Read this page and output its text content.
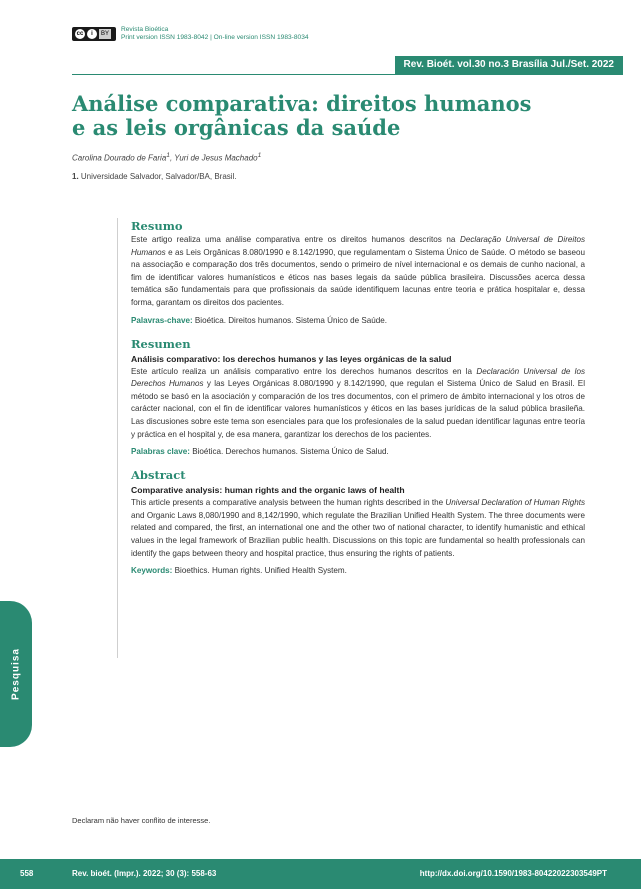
cc	i	BY
Revista Bioética
Print version ISSN 1983-8042 | On-line version ISSN 1983-8034
Rev. Bioét. vol.30 no.3 Brasília Jul./Set. 2022
Análise comparativa: direitos humanos e as leis orgânicas da saúde
Carolina Dourado de Faria$^1$, Yuri de Jesus Machado$^1$
1. Universidade Salvador, Salvador/BA, Brasil.
Resumo

Este artigo realiza uma análise comparativa entre os direitos humanos descritos na Declaração Universal de Direitos Humanos e as Leis Orgânicas 8.080/1990 e 8.142/1990, que regulamentam o Sistema Único de Saúde. O método se baseou na associação e comparação dos três documentos, sendo o primeiro de nível internacional e os demais de cunho nacional, a fim de identificar valores humanísticos e éticos nas bases legais da saúde pública brasileira. Discussões acerca dessa temática são fundamentais para que profissionais da saúde identifiquem lacunas entre teoria e prática hospitalar e, dessa forma, garantam os direitos dos pacientes.

Palavras-chave: Bioética. Direitos humanos. Sistema Único de Saúde.

Resumen
Análisis comparativo: los derechos humanos y las leyes orgánicas de la salud

Este artículo realiza un análisis comparativo entre los derechos humanos descritos en la Declaración Universal de los Derechos Humanos y las Leyes Orgánicas 8.080/1990 y 8.142/1990, que regulan el Sistema Único de Salud en Brasil. El método se basó en la asociación y comparación de los tres documentos, con el primero de ámbito internacional y los otros de carácter nacional, con el fin de identificar valores humanísticos y éticos en las bases jurídicas de la salud pública brasileña. Las discusiones sobre este tema son esenciales para que los profesionales de la salud puedan identificar lagunas entre teoría y práctica en el hospital y, de esa manera, garantizar los derechos de los pacientes.

Palabras clave: Bioética. Derechos humanos. Sistema Único de Salud.

Abstract
Comparative analysis: human rights and the organic laws of health

This article presents a comparative analysis between the human rights described in the Universal Declaration of Human Rights and Organic Laws 8,080/1990 and 8,142/1990, which regulate the Brazilian Unified Health System. The three documents were related and compared, the first, an international one and the other two of national character, to identify humanistic and ethical values in the legal framework of Brazilian public health. Discussions on this topic are fundamental so health professionals can identify the gaps between theory and hospital practice, thus ensuring the rights of patients.

Keywords: Bioethics. Human rights. Unified Health System.

Pesquisa
Declaram não haver conflito de interesse.
558	Rev. bioét. (Impr.). 2022; 30 (3): 558-63	http://dx.doi.org/10.1590/1983-80422022303549PT
